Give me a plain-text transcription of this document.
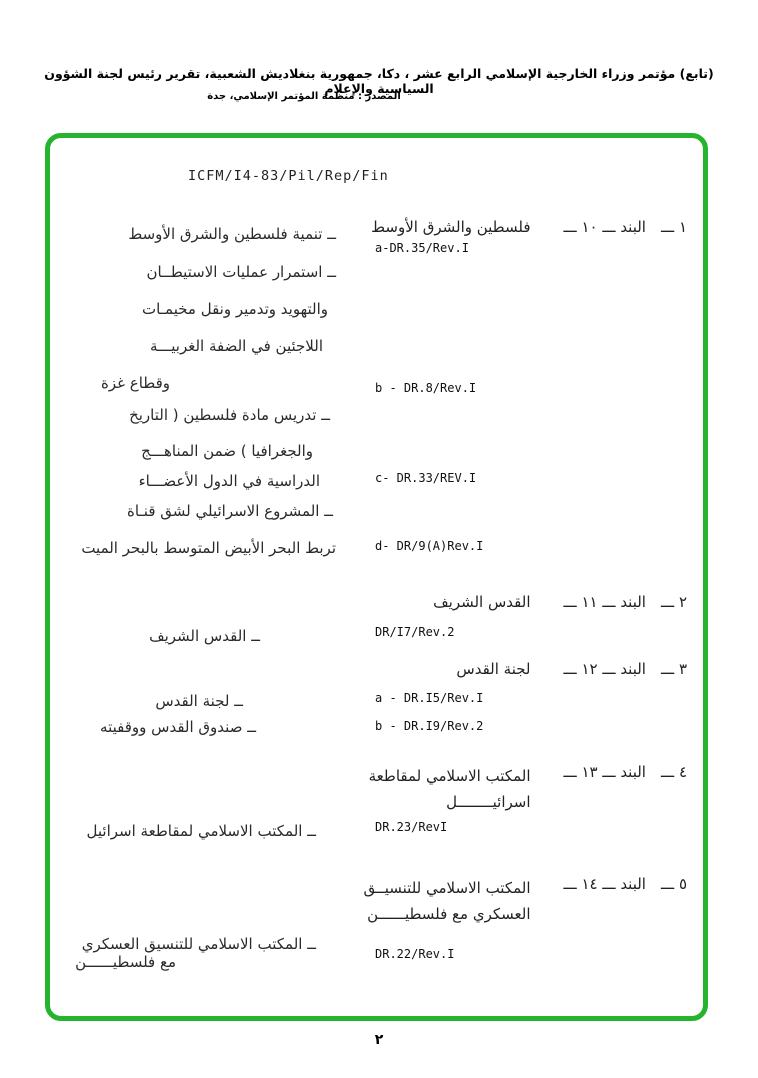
(تابع) مؤتمر وزراء الخارجية الإسلامي الرابع عشر ، دكا، جمهورية بنغلاديش الشعبية، تقرير رئيس لجنة الشؤون السياسية والإعلام
المصدر : منظمة المؤتمر الإسلامي، جدة
ICFM/I4-83/Pil/Rep/Fin
١ ـــ
البند ـــ ١٠ ـــ
فلسطين والشرق الأوسط
a-DR.35/Rev.I
b - DR.8/Rev.I
c- DR.33/REV.I
d- DR/9(A)Rev.I
ــ تنمية فلسطين والشرق الأوسط
ــ استمرار عمليات الاستيطــان
والتهويد وتدمير ونقل مخيمـات
اللاجئين في الضفة الغربيـــة
وقطاع غزة
ــ تدريس مادة فلسطين ( التاريخ
والجغرافيا ) ضمن المناهـــج
الدراسية في الدول الأعضـــاء
ــ المشروع الاسرائيلي لشق قنـاة
تربط البحر الأبيض المتوسط بالبحر الميت
٢ ـــ
البند ـــ ١١ ـــ
القدس الشريف
DR/I7/Rev.2
ــ القدس الشريف
٣ ـــ
البند ـــ ١٢ ـــ
لجنة القدس
a - DR.I5/Rev.I
b - DR.I9/Rev.2
ــ لجنة القدس
ــ صندوق القدس ووقفيته
٤ ـــ
البند ـــ ١٣ ـــ
المكتب الاسلامي لمقاطعة
اسرائيــــــــل
DR.23/RevI
ــ المكتب الاسلامي لمقاطعة اسرائيل
٥ ـــ
البند ـــ ١٤ ـــ
المكتب الاسلامي للتنسيــق
العسكري مع فلسطيــــــن
DR.22/Rev.I
ــ المكتب الاسلامي للتنسيق العسكري
مع فلسطيــــــن
٢
